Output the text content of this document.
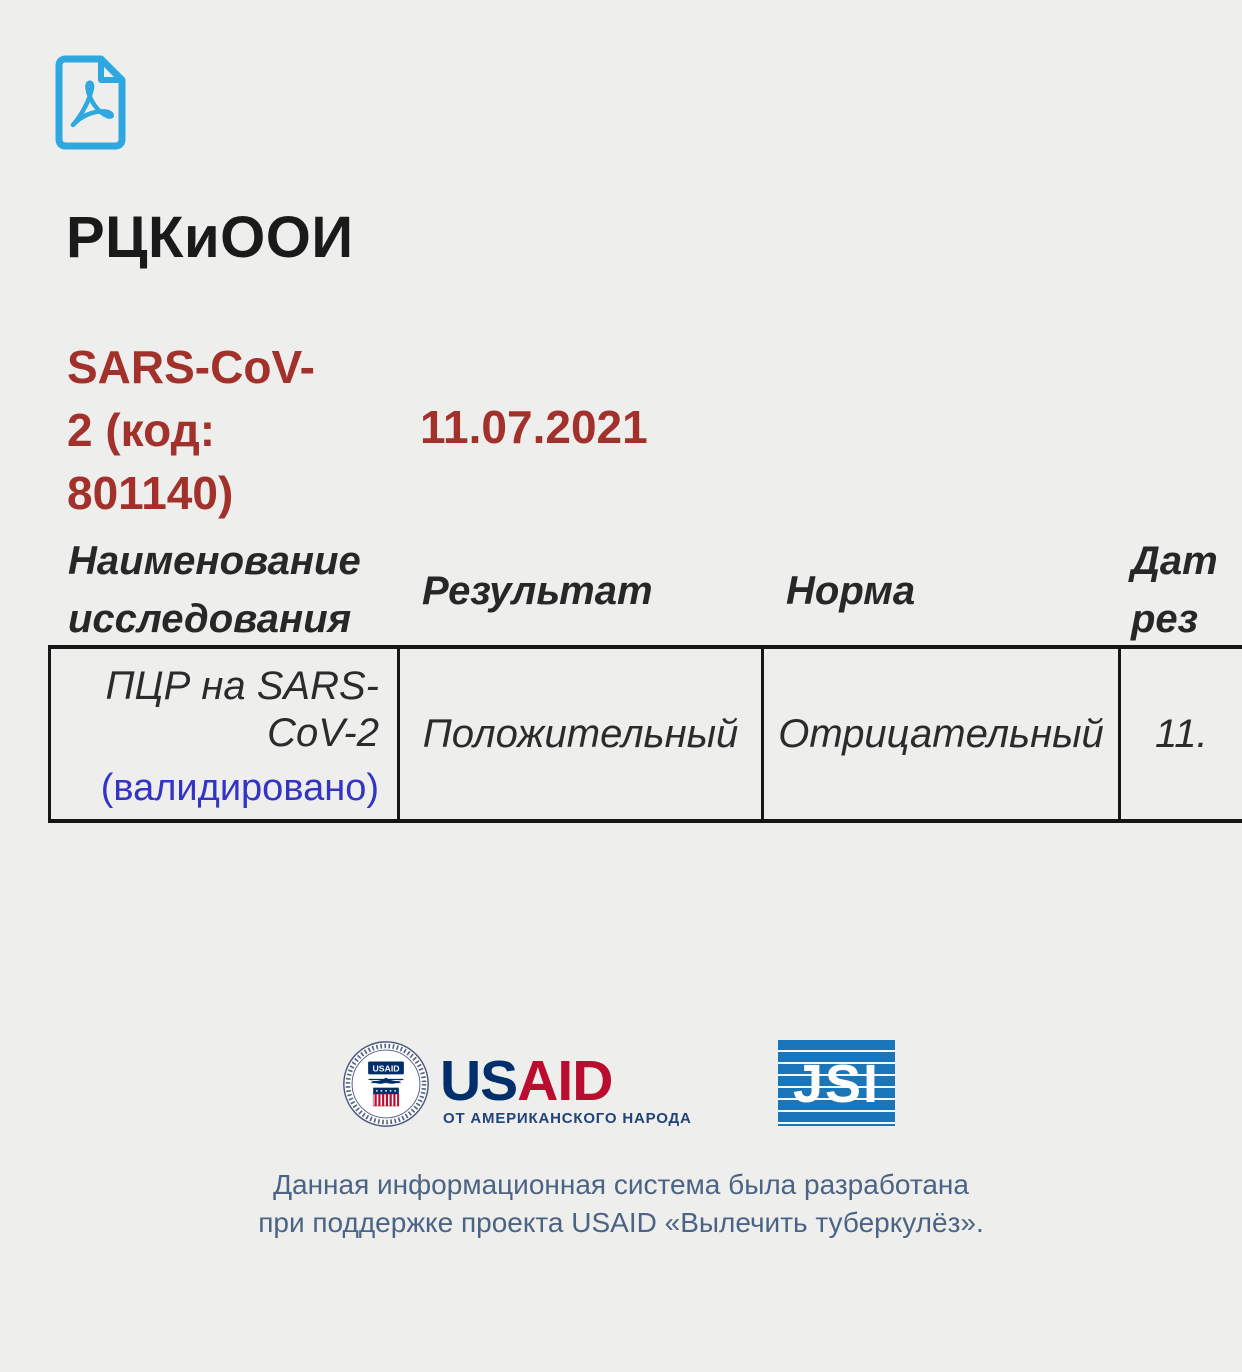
РЦКиООИ
SARS-CoV-
2 (код:
801140)
11.07.2021
Наименование
исследования
Результат	Норма
Дат
рез
ПЦР на SARS-
CoV-2
(валидировано)
Положительный Отрицательный 11.
USAID USAID
ОТ АМЕРИКАНСКОГО НАРОДА
JSI
Данная информационная система была разработана
при поддержке проекта USAID «Вылечить туберкулёз».
